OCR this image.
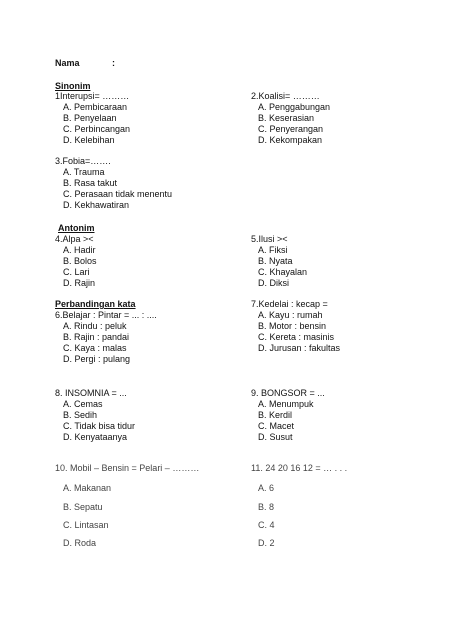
Nama	:
Sinonim
1Interupsi= ………
A. Pembicaraan
B. Penyelaan
C. Perbincangan
D. Kelebihan
2.Koalisi= ………
A. Penggabungan
B. Keserasian
C. Penyerangan
D. Kekompakan
3.Fobia=…….
A. Trauma
B. Rasa takut
C. Perasaan tidak menentu
D. Kekhawatiran
Antonim
4.Alpa ><
A. Hadir
B. Bolos
C. Lari
D. Rajin
5.Ilusi ><
A. Fiksi
B. Nyata
C. Khayalan
D. Diksi
Perbandingan kata
6.Belajar : Pintar = ... : ....
A. Rindu : peluk
B. Rajin : pandai
C. Kaya : malas
D. Pergi : pulang
7.Kedelai : kecap =
A. Kayu : rumah
B. Motor : bensin
C. Kereta : masinis
D. Jurusan : fakultas
8. INSOMNIA = ...
A. Cemas
B. Sedih
C. Tidak bisa tidur
D. Kenyataanya
9. BONGSOR = ...
A. Menumpuk
B. Kerdil
C. Macet
D. Susut
10. Mobil – Bensin = Pelari – ………
A. Makanan
B. Sepatu
C. Lintasan
D. Roda
11. 24 20 16 12 = … . . .
A. 6
B. 8
C. 4
D. 2
